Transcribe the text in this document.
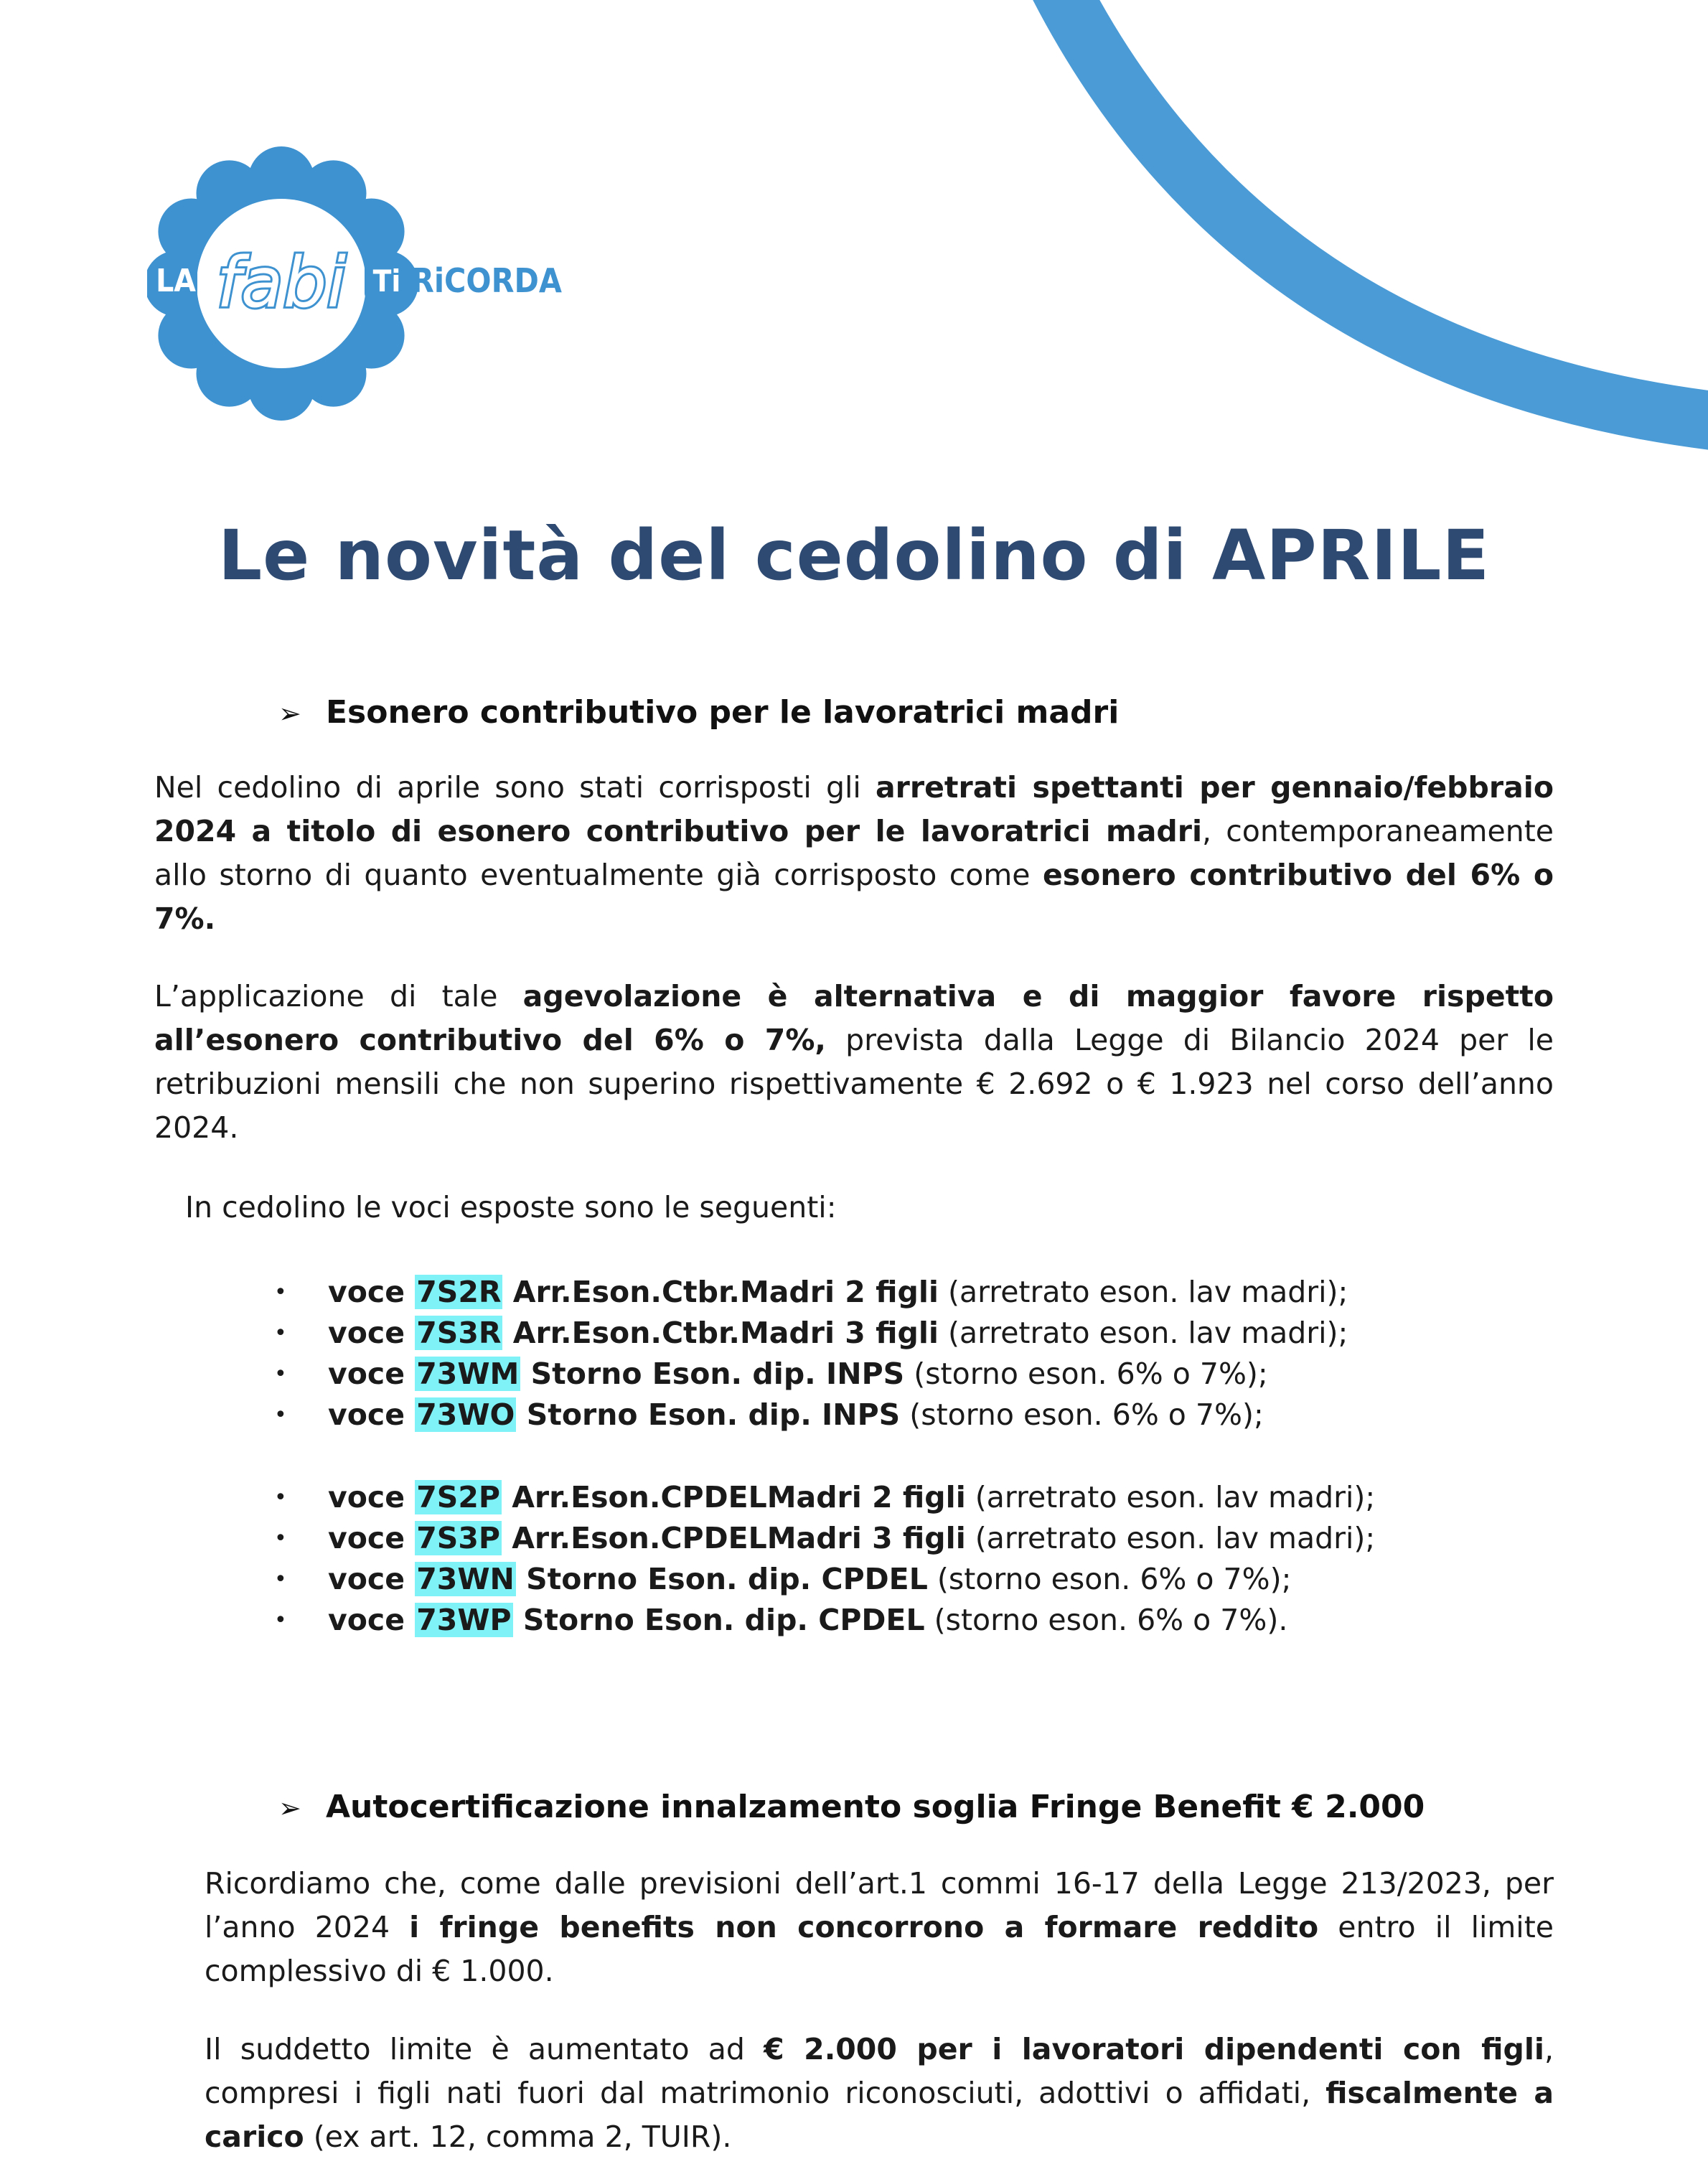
LA fabi Ti RiCORDA
Le novità del cedolino di APRILE
➢ Esonero contributivo per le lavoratrici madri

Nel cedolino di aprile sono stati corrisposti gli arretrati spettanti per gennaio/febbraio 2024 a titolo di esonero contributivo per le lavoratrici madri, contemporaneamente allo storno di quanto eventualmente già corrisposto come esonero contributivo del 6% o 7%.

L’applicazione di tale agevolazione è alternativa e di maggior favore rispetto all’esonero contributivo del 6% o 7%, prevista dalla Legge di Bilancio 2024 per le retribuzioni mensili che non superino rispettivamente € 2.692 o € 1.923 nel corso dell’anno 2024.

In cedolino le voci esposte sono le seguenti:

• voce 7S2R Arr.Eson.Ctbr.Madri 2 figli (arretrato eson. lav madri);
• voce 7S3R Arr.Eson.Ctbr.Madri 3 figli (arretrato eson. lav madri);
• voce 73WM Storno Eson. dip. INPS (storno eson. 6% o 7%);
• voce 73WO Storno Eson. dip. INPS (storno eson. 6% o 7%);
• voce 7S2P Arr.Eson.CPDELMadri 2 figli (arretrato eson. lav madri);
• voce 7S3P Arr.Eson.CPDELMadri 3 figli (arretrato eson. lav madri);
• voce 73WN Storno Eson. dip. CPDEL (storno eson. 6% o 7%);
• voce 73WP Storno Eson. dip. CPDEL (storno eson. 6% o 7%).
➢ Autocertificazione innalzamento soglia Fringe Benefit € 2.000

Ricordiamo che, come dalle previsioni dell’art.1 commi 16-17 della Legge 213/2023, per l’anno 2024 i fringe benefits non concorrono a formare reddito entro il limite complessivo di € 1.000.

Il suddetto limite è aumentato ad € 2.000 per i lavoratori dipendenti con figli, compresi i figli nati fuori dal matrimonio riconosciuti, adottivi o affidati, fiscalmente a carico (ex art. 12, comma 2, TUIR).
